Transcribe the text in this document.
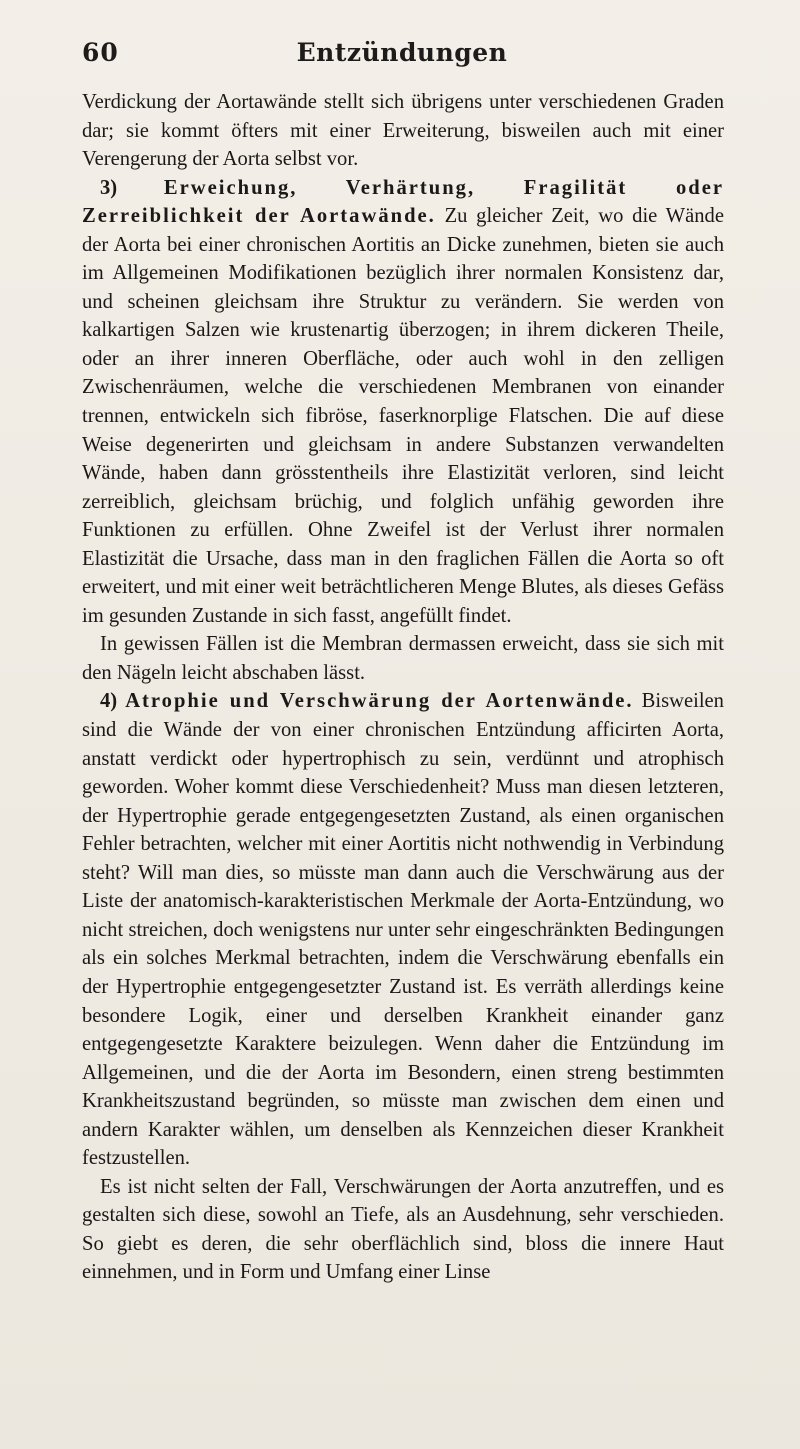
60	Entzündungen

Verdickung der Aortawände stellt sich übrigens unter verschiedenen Graden dar; sie kommt öfters mit einer Erweiterung, bisweilen auch mit einer Verengerung der Aorta selbst vor.

3) Erweichung, Verhärtung, Fragilität oder Zerreiblichkeit der Aortawände. Zu gleicher Zeit, wo die Wände der Aorta bei einer chronischen Aortitis an Dicke zunehmen, bieten sie auch im Allgemeinen Modifikationen bezüglich ihrer normalen Konsistenz dar, und scheinen gleichsam ihre Struktur zu verändern. Sie werden von kalkartigen Salzen wie krustenartig überzogen; in ihrem dickeren Theile, oder an ihrer inneren Oberfläche, oder auch wohl in den zelligen Zwischenräumen, welche die verschiedenen Membranen von einander trennen, entwickeln sich fibröse, faserknorplige Flatschen. Die auf diese Weise degenerirten und gleichsam in andere Substanzen verwandelten Wände, haben dann grösstentheils ihre Elastizität verloren, sind leicht zerreiblich, gleichsam brüchig, und folglich unfähig geworden ihre Funktionen zu erfüllen. Ohne Zweifel ist der Verlust ihrer normalen Elastizität die Ursache, dass man in den fraglichen Fällen die Aorta so oft erweitert, und mit einer weit beträchtlicheren Menge Blutes, als dieses Gefäss im gesunden Zustande in sich fasst, angefüllt findet.

In gewissen Fällen ist die Membran dermassen erweicht, dass sie sich mit den Nägeln leicht abschaben lässt.

4) Atrophie und Verschwärung der Aortenwände. Bisweilen sind die Wände der von einer chronischen Entzündung afficirten Aorta, anstatt verdickt oder hypertrophisch zu sein, verdünnt und atrophisch geworden. Woher kommt diese Verschiedenheit? Muss man diesen letzteren, der Hypertrophie gerade entgegengesetzten Zustand, als einen organischen Fehler betrachten, welcher mit einer Aortitis nicht nothwendig in Verbindung steht? Will man dies, so müsste man dann auch die Verschwärung aus der Liste der anatomisch-karakteristischen Merkmale der Aorta-Entzündung, wo nicht streichen, doch wenigstens nur unter sehr eingeschränkten Bedingungen als ein solches Merkmal betrachten, indem die Verschwärung ebenfalls ein der Hypertrophie entgegengesetzter Zustand ist. Es verräth allerdings keine besondere Logik, einer und derselben Krankheit einander ganz entgegengesetzte Karaktere beizulegen. Wenn daher die Entzündung im Allgemeinen, und die der Aorta im Besondern, einen streng bestimmten Krankheitszustand begründen, so müsste man zwischen dem einen und andern Karakter wählen, um denselben als Kennzeichen dieser Krankheit festzustellen.

Es ist nicht selten der Fall, Verschwärungen der Aorta anzutreffen, und es gestalten sich diese, sowohl an Tiefe, als an Ausdehnung, sehr verschieden. So giebt es deren, die sehr oberflächlich sind, bloss die innere Haut einnehmen, und in Form und Umfang einer Linse
